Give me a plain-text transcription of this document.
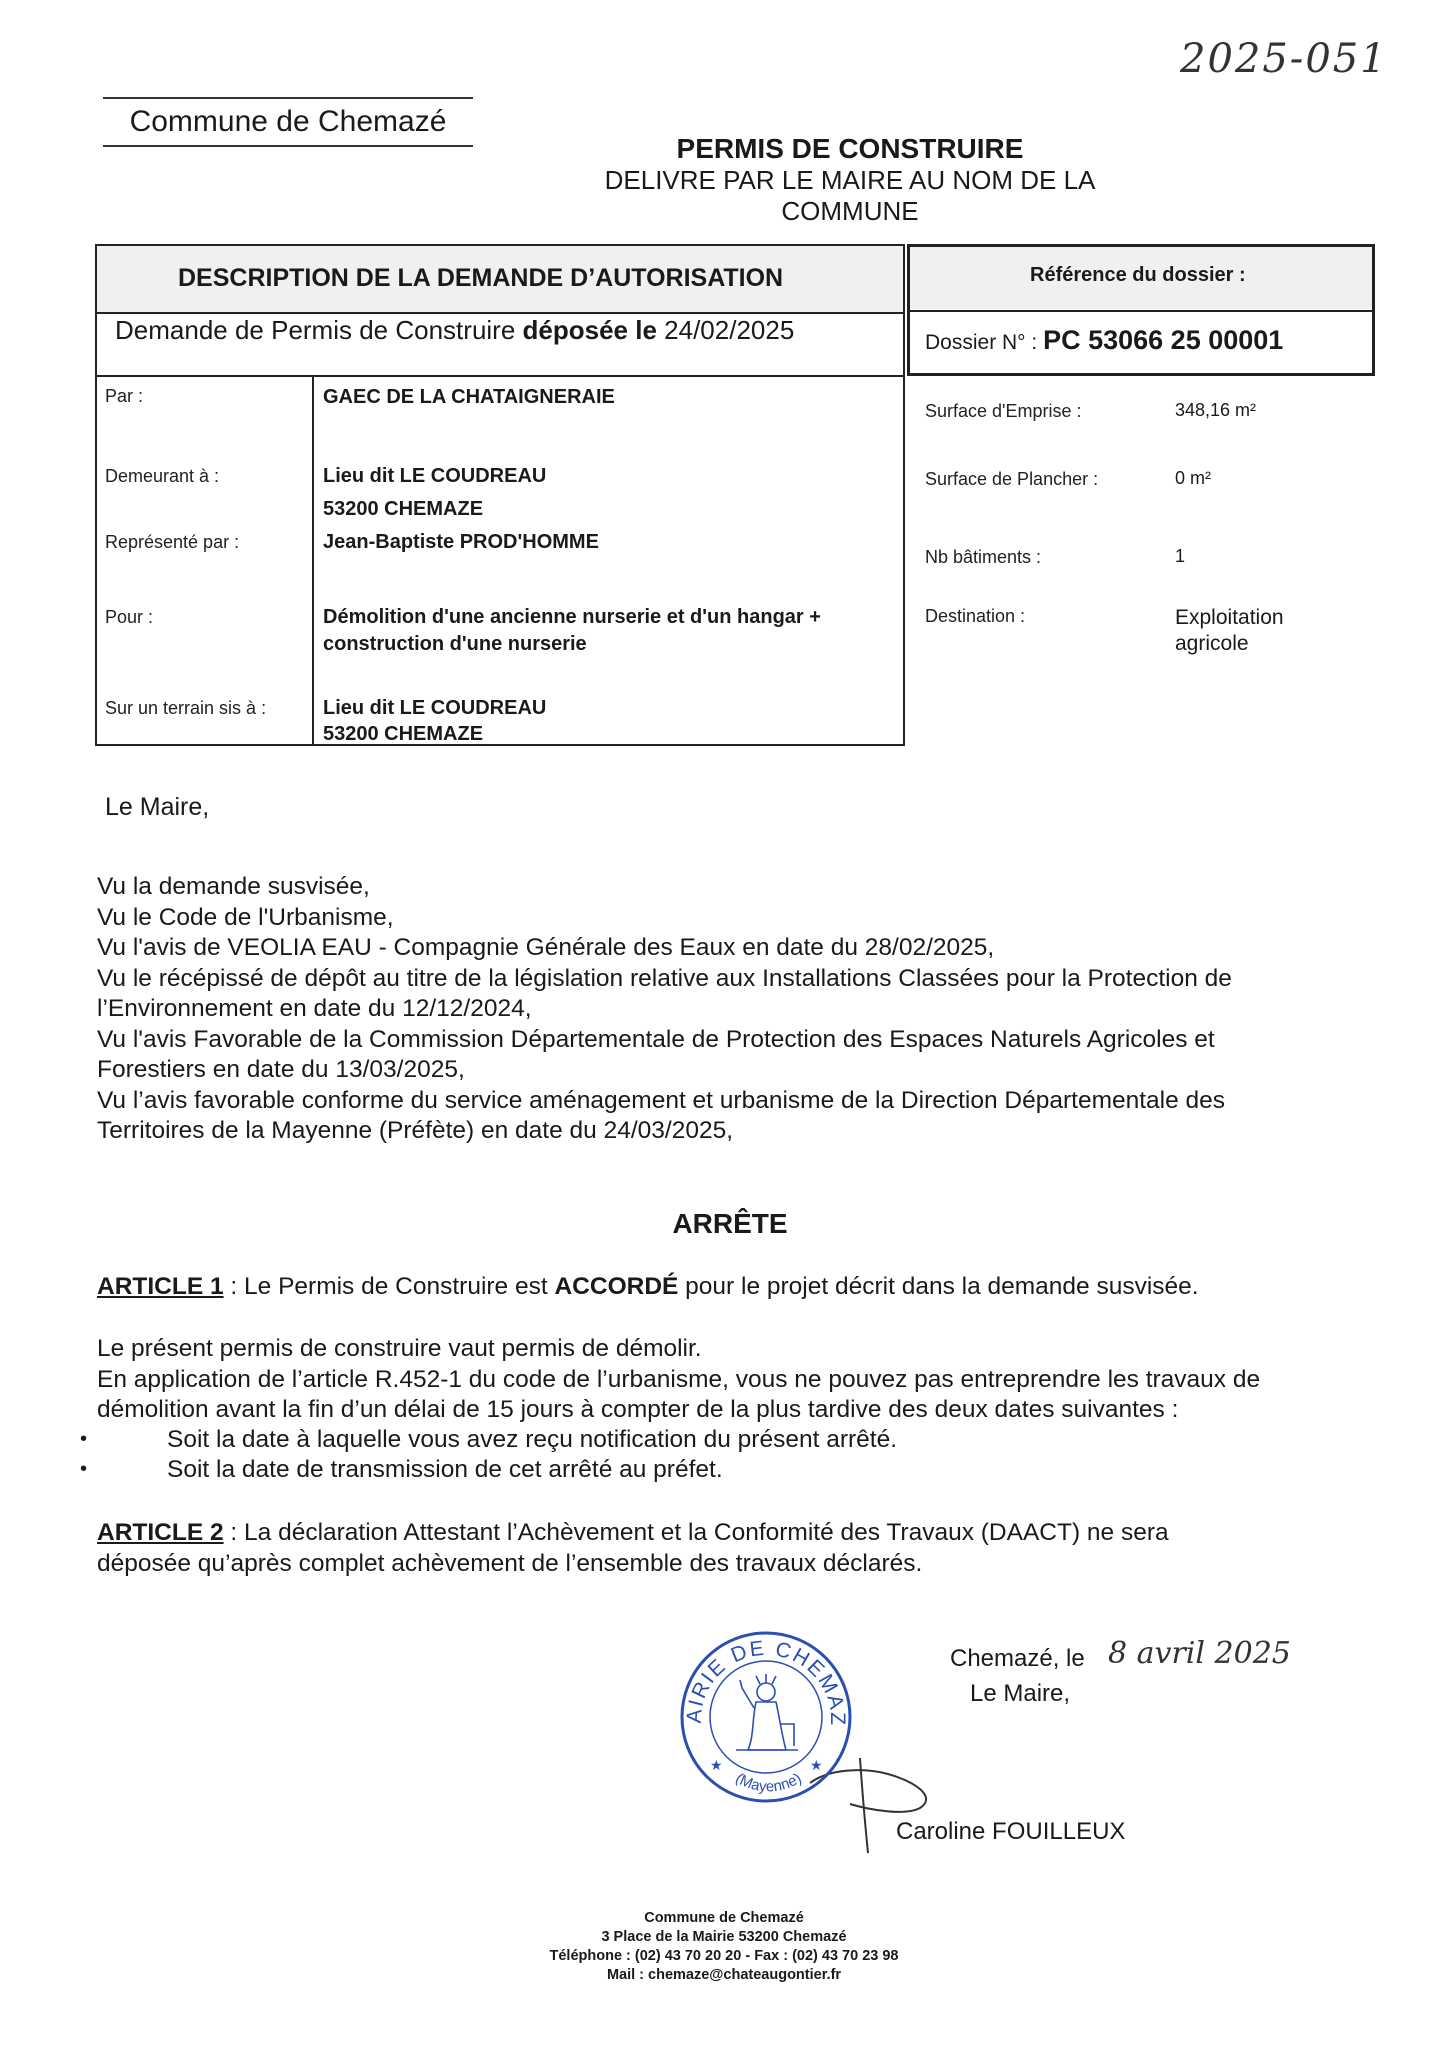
2025-051
Commune de Chemazé
PERMIS DE CONSTRUIRE
DELIVRE PAR LE MAIRE AU NOM DE LA COMMUNE
DESCRIPTION DE LA DEMANDE D’AUTORISATION	Référence du dossier :
Demande de Permis de Construire déposée le 24/02/2025	Dossier N° : PC 53066 25 00001
Par :	GAEC DE LA CHATAIGNERAIE
Demeurant à :	Lieu dit LE COUDREAU
53200 CHEMAZE
Représenté par :	Jean-Baptiste PROD'HOMME
Pour :	Démolition d'une ancienne nurserie et d'un hangar +
construction d'une nurserie
Sur un terrain sis à :	Lieu dit LE COUDREAU
53200 CHEMAZE
Surface d'Emprise :	348,16 m²
Surface de Plancher :	0 m²
Nb bâtiments :	1
Destination :	Exploitation
agricole
Le Maire,
Vu la demande susvisée,
Vu le Code de l'Urbanisme,
Vu l'avis de VEOLIA EAU - Compagnie Générale des Eaux en date du 28/02/2025,
Vu le récépissé de dépôt au titre de la législation relative aux Installations Classées pour la Protection de
l’Environnement en date du 12/12/2024,
Vu l'avis Favorable de la Commission Départementale de Protection des Espaces Naturels Agricoles et
Forestiers en date du 13/03/2025,
Vu l’avis favorable conforme du service aménagement et urbanisme de la Direction Départementale des
Territoires de la Mayenne (Préfète) en date du 24/03/2025,
ARRÊTE
ARTICLE 1 : Le Permis de Construire est ACCORDÉ pour le projet décrit dans la demande susvisée.
Le présent permis de construire vaut permis de démolir.
En application de l’article R.452-1 du code de l’urbanisme, vous ne pouvez pas entreprendre les travaux de
démolition avant la fin d’un délai de 15 jours à compter de la plus tardive des deux dates suivantes :
•	Soit la date à laquelle vous avez reçu notification du présent arrêté.
•	Soit la date de transmission de cet arrêté au préfet.
ARTICLE 2 : La déclaration Attestant l’Achèvement et la Conformité des Travaux (DAACT) ne sera
déposée qu’après complet achèvement de l’ensemble des travaux déclarés.
Chemazé, le 8 avril 2025
Le Maire,
Caroline FOUILLEUX
AIRIE DE CHEMAZ
(Mayenne)
★	★
Commune de Chemazé
3 Place de la Mairie 53200 Chemazé
Téléphone : (02) 43 70 20 20 - Fax : (02) 43 70 23 98
Mail : chemaze@chateaugontier.fr
